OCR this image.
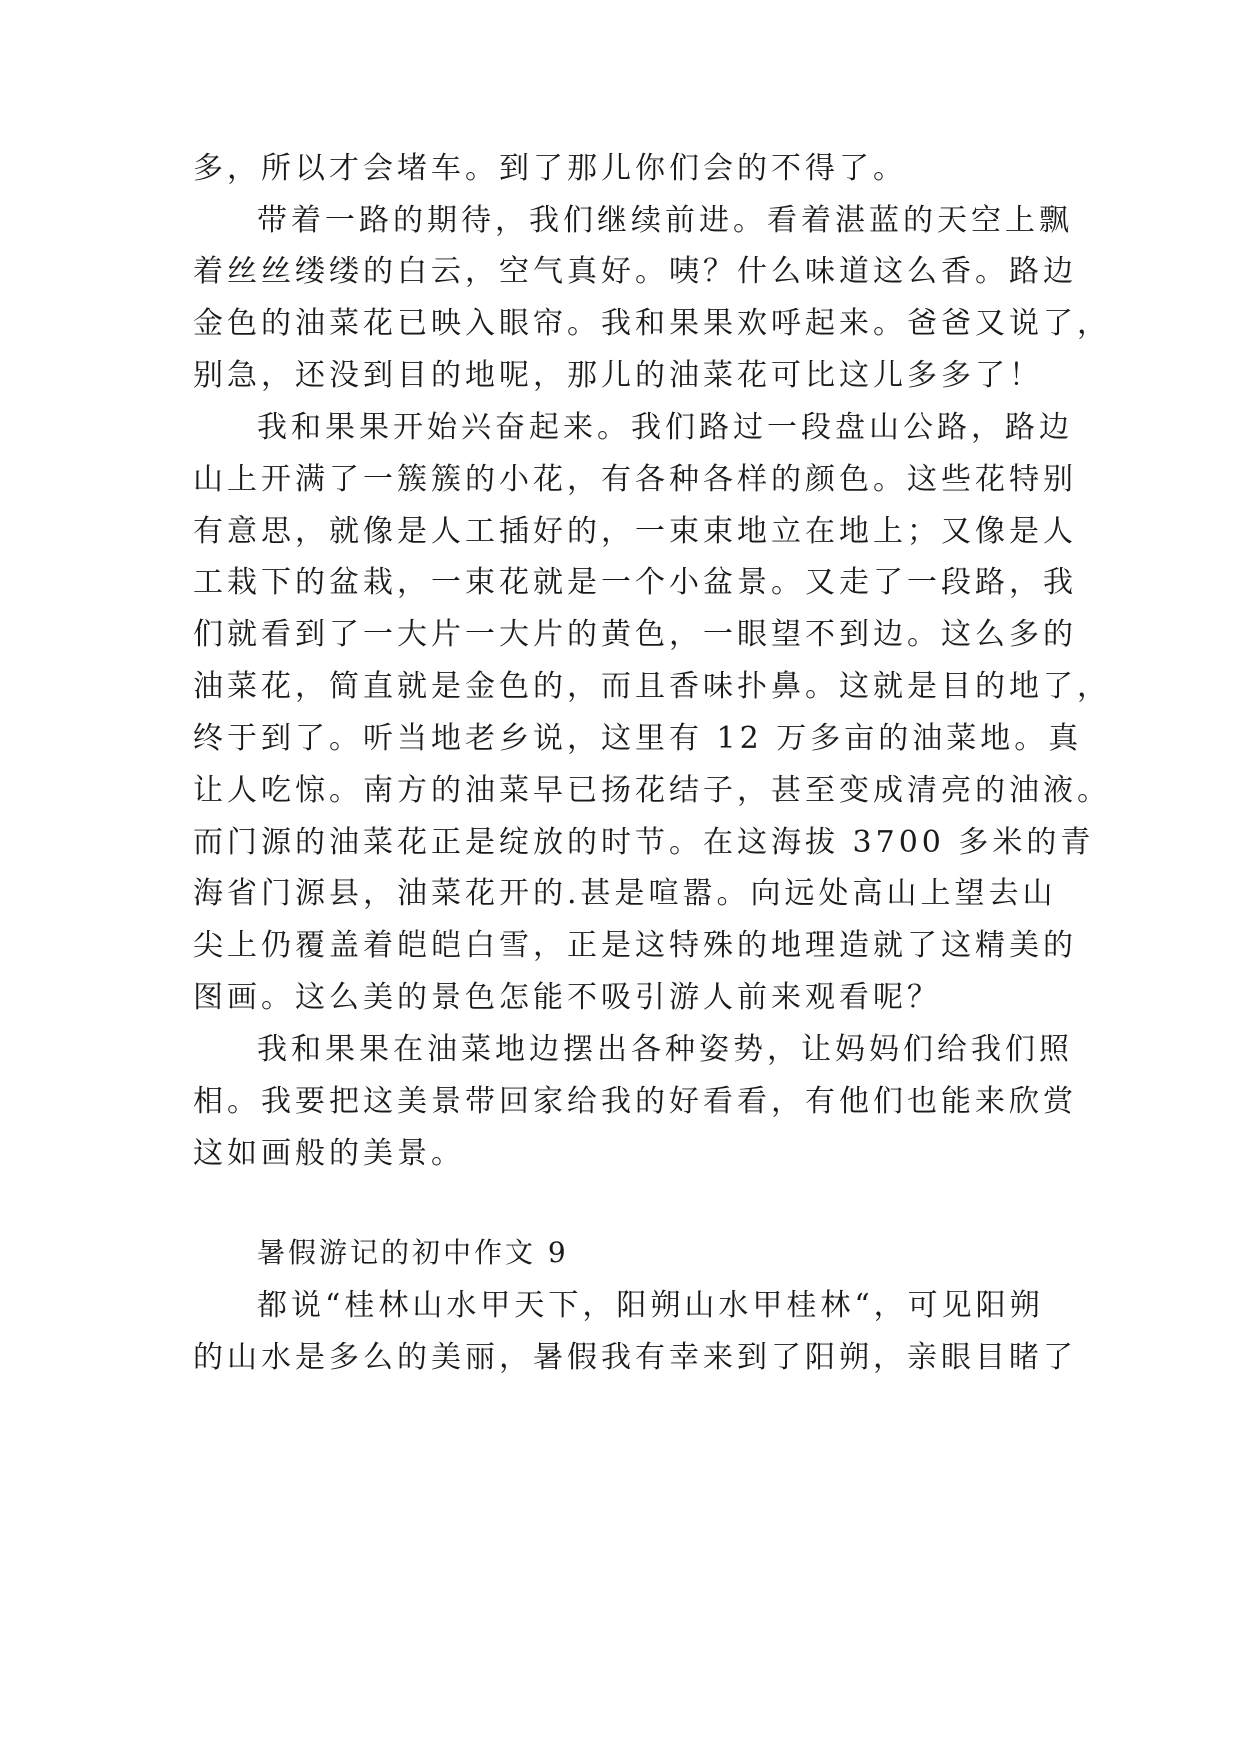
多，所以才会堵车。到了那儿你们会的不得了。
带着一路的期待，我们继续前进。看着湛蓝的天空上飘
着丝丝缕缕的白云，空气真好。咦？什么味道这么香。路边
金色的油菜花已映入眼帘。我和果果欢呼起来。爸爸又说了，
别急，还没到目的地呢，那儿的油菜花可比这儿多多了！
我和果果开始兴奋起来。我们路过一段盘山公路，路边
山上开满了一簇簇的小花，有各种各样的颜色。这些花特别
有意思，就像是人工插好的，一束束地立在地上；又像是人
工栽下的盆栽，一束花就是一个小盆景。又走了一段路，我
们就看到了一大片一大片的黄色，一眼望不到边。这么多的
油菜花，简直就是金色的，而且香味扑鼻。这就是目的地了，
终于到了。听当地老乡说，这里有 12 万多亩的油菜地。真
让人吃惊。南方的油菜早已扬花结子，甚至变成清亮的油液。
而门源的油菜花正是绽放的时节。在这海拔 3700 多米的青
海省门源县，油菜花开的.甚是喧嚣。向远处高山上望去山
尖上仍覆盖着皑皑白雪，正是这特殊的地理造就了这精美的
图画。这么美的景色怎能不吸引游人前来观看呢？
我和果果在油菜地边摆出各种姿势，让妈妈们给我们照
相。我要把这美景带回家给我的好看看，有他们也能来欣赏
这如画般的美景。
暑假游记的初中作文 9
都说“桂林山水甲天下，阳朔山水甲桂林“，可见阳朔
的山水是多么的美丽，暑假我有幸来到了阳朔，亲眼目睹了
